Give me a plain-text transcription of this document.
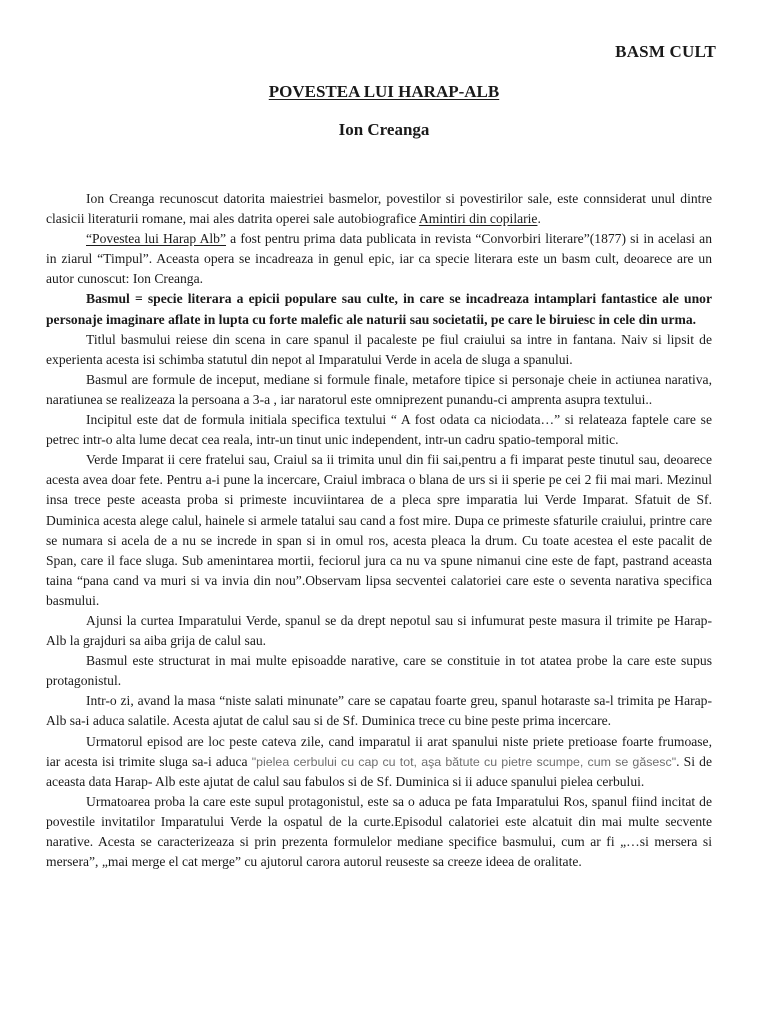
BASM CULT
POVESTEA LUI HARAP-ALB
Ion Creanga

Ion Creanga recunoscut datorita maiestriei basmelor, povestilor si povestirilor sale, este connsiderat unul dintre clasicii literaturii romane, mai ales datrita operei sale autobiografice Amintiri din copilarie.

“Povestea lui Harap Alb” a fost pentru prima data publicata in revista “Convorbiri literare”(1877) si in acelasi an in ziarul “Timpul”. Aceasta opera se incadreaza in genul epic, iar ca specie literara este un basm cult, deoarece are un autor cunoscut: Ion Creanga.

Basmul = specie literara a epicii populare sau culte, in care se incadreaza intamplari fantastice ale unor personaje imaginare aflate in lupta cu forte malefic ale naturii sau societatii, pe care le biruiesc in cele din urma.

Titlul basmului reiese din scena in care spanul il pacaleste pe fiul craiului sa intre in fantana. Naiv si lipsit de experienta acesta isi schimba statutul din nepot al Imparatului Verde in acela de sluga a spanului.

Basmul are formule de inceput, mediane si formule finale, metafore tipice si personaje cheie in actiunea narativa, naratiunea se realizeaza la persoana a 3-a , iar naratorul este omniprezent punandu-ci amprenta asupra textului..

Incipitul este dat de formula initiala specifica textului “ A fost odata ca niciodata…” si relateaza faptele care se petrec intr-o alta lume decat cea reala, intr-un tinut unic independent, intr-un cadru spatio-temporal mitic.

Verde Imparat ii cere fratelui sau, Craiul sa ii trimita unul din fii sai,pentru a fi imparat peste tinutul sau, deoarece acesta avea doar fete. Pentru a-i pune la incercare, Craiul imbraca o blana de urs si ii sperie pe cei 2 fii mai mari. Mezinul insa trece peste aceasta proba si primeste incuviintarea de a pleca spre imparatia lui Verde Imparat. Sfatuit de Sf. Duminica acesta alege calul, hainele si armele tatalui sau cand a fost mire. Dupa ce primeste sfaturile craiului, printre care se numara si acela de a nu se increde in span si in omul ros, acesta pleaca la drum. Cu toate acestea el este pacalit de Span, care il face sluga. Sub amenintarea mortii, feciorul jura ca nu va spune nimanui cine este de fapt, pastrand aceasta taina “pana cand va muri si va invia din nou”.Observam lipsa secventei calatoriei care este o seventa narativa specifica basmului.

Ajunsi la curtea Imparatului Verde, spanul se da drept nepotul sau si infumurat peste masura il trimite pe Harap-Alb la grajduri sa aiba grija de calul sau.

Basmul este structurat in mai multe episoadde narative, care se constituie in tot atatea probe la care este supus protagonistul.

Intr-o zi, avand la masa “niste salati minunate” care se capatau foarte greu, spanul hotaraste sa-l trimita pe Harap- Alb sa-i aduca salatile. Acesta ajutat de calul sau si de Sf. Duminica trece cu bine peste prima incercare.

Urmatorul episod are loc peste cateva zile, cand imparatul ii arat spanului niste priete pretioase foarte frumoase, iar acesta isi trimite sluga sa-i aduca "pielea cerbului cu cap cu tot, aşa bătute cu pietre scumpe, cum se găsesc". Si de aceasta data Harap- Alb este ajutat de calul sau fabulos si de Sf. Duminica si ii aduce spanului pielea cerbului.

Urmatoarea proba la care este supul protagonistul, este sa o aduca pe fata Imparatului Ros, spanul fiind incitat de povestile invitatilor Imparatului Verde la ospatul de la curte.Episodul calatoriei este alcatuit din mai multe secvente narative. Acesta se caracterizeaza si prin prezenta formulelor mediane specifice basmului, cum ar fi „…si mersera si mersera”, „mai merge el cat merge” cu ajutorul carora autorul reuseste sa creeze ideea de oralitate.
